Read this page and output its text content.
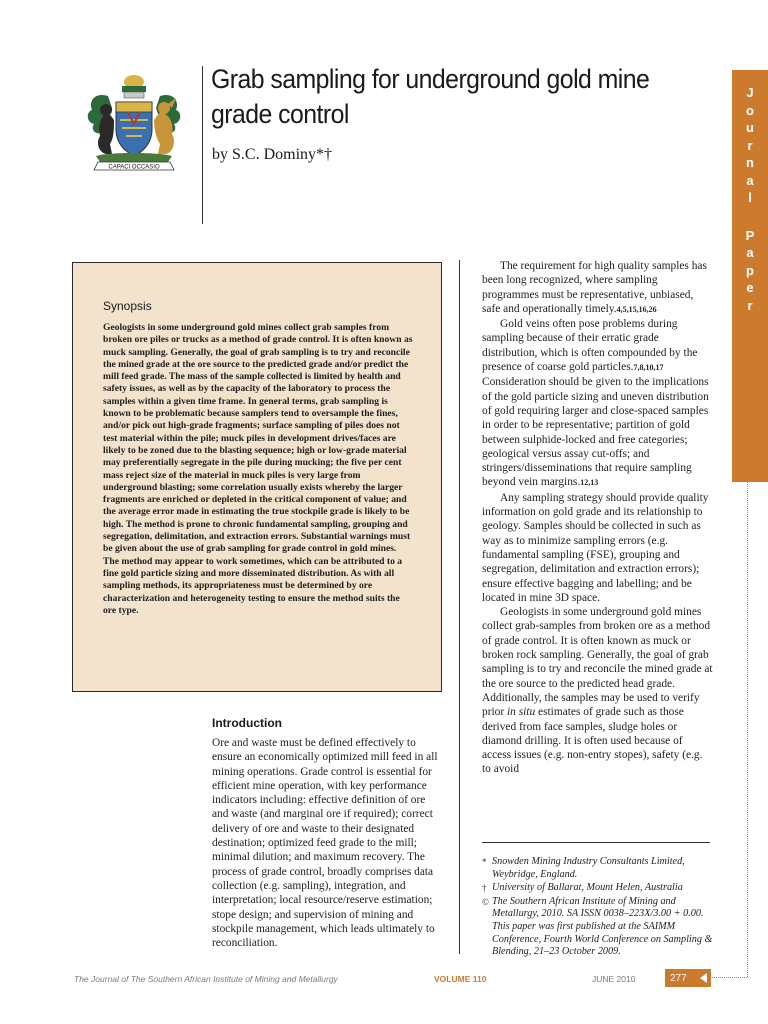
CAPACI OCCASIO
Grab sampling for underground gold mine grade control
by S.C. Dominy*†
J
o
u
r
n
a
l
P
a
p
e
r
Synopsis

Geologists in some underground gold mines collect grab samples from broken ore piles or trucks as a method of grade control. It is often known as muck sampling. Generally, the goal of grab sampling is to try and reconcile the mined grade at the ore source to the predicted grade and/or predict the mill feed grade. The mass of the sample collected is limited by health and safety issues, as well as by the capacity of the laboratory to process the samples within a given time frame. In general terms, grab sampling is known to be problematic because samplers tend to oversample the fines, and/or pick out high-grade fragments; surface sampling of piles does not test material within the pile; muck piles in development drives/faces are likely to be zoned due to the blasting sequence; high or low-grade material may preferentially segregate in the pile during mucking; the five per cent mass reject size of the material in muck piles is very large from underground blasting; some correlation usually exists whereby the larger fragments are enriched or depleted in the critical component of value; and the average error made in estimating the true stockpile grade is likely to be high. The method is prone to chronic fundamental sampling, grouping and segregation, delimitation, and extraction errors. Substantial warnings must be given about the use of grab sampling for grade control in gold mines. The method may appear to work sometimes, which can be attributed to a fine gold particle sizing and more disseminated distribution. As with all sampling methods, its appropriateness must be determined by ore characterization and heterogeneity testing to ensure the method suits the ore type.

Introduction

Ore and waste must be defined effectively to ensure an economically optimized mill feed in all mining operations. Grade control is essential for efficient mine operation, with key performance indicators including: effective definition of ore and waste (and marginal ore if required); correct delivery of ore and waste to their designated destination; optimized feed grade to the mill; minimal dilution; and maximum recovery. The process of grade control, broadly comprises data collection (e.g. sampling), integration, and interpretation; local resource/reserve estimation; stope design; and supervision of mining and stockpile management, which leads ultimately to reconciliation.

The requirement for high quality samples has been long recognized, where sampling programmes must be representative, unbiased, safe and operationally timely.4,5,15,16,26

Gold veins often pose problems during sampling because of their erratic grade distribution, which is often compounded by the presence of coarse gold particles.7,8,10,17 Consideration should be given to the implications of the gold particle sizing and uneven distribution of gold requiring larger and close-spaced samples in order to be representative; partition of gold between sulphide-locked and free categories; geological versus assay cut-offs; and stringers/disseminations that require sampling beyond vein margins.12,13

Any sampling strategy should provide quality information on gold grade and its relationship to geology. Samples should be collected in such as way as to minimize sampling errors (e.g. fundamental sampling (FSE), grouping and segregation, delimitation and extraction errors); ensure effective bagging and labelling; and be located in mine 3D space.

Geologists in some underground gold mines collect grab-samples from broken ore as a method of grade control. It is often known as muck or broken rock sampling. Generally, the goal of grab sampling is to try and reconcile the mined grade at the ore source to the predicted head grade. Additionally, the samples may be used to verify prior in situ estimates of grade such as those derived from face samples, sludge holes or diamond drilling. It is often used because of access issues (e.g. non-entry stopes), safety (e.g. to avoid

* Snowden Mining Industry Consultants Limited, Weybridge, England.
† University of Ballarat, Mount Helen, Australia
© The Southern African Institute of Mining and Metallurgy, 2010. SA ISSN 0038–223X/3.00 + 0.00. This paper was first published at the SAIMM Conference, Fourth World Conference on Sampling & Blending, 21–23 October 2009.
The Journal of The Southern African Institute of Mining and Metallurgy	VOLUME 110	JUNE 2010	277
